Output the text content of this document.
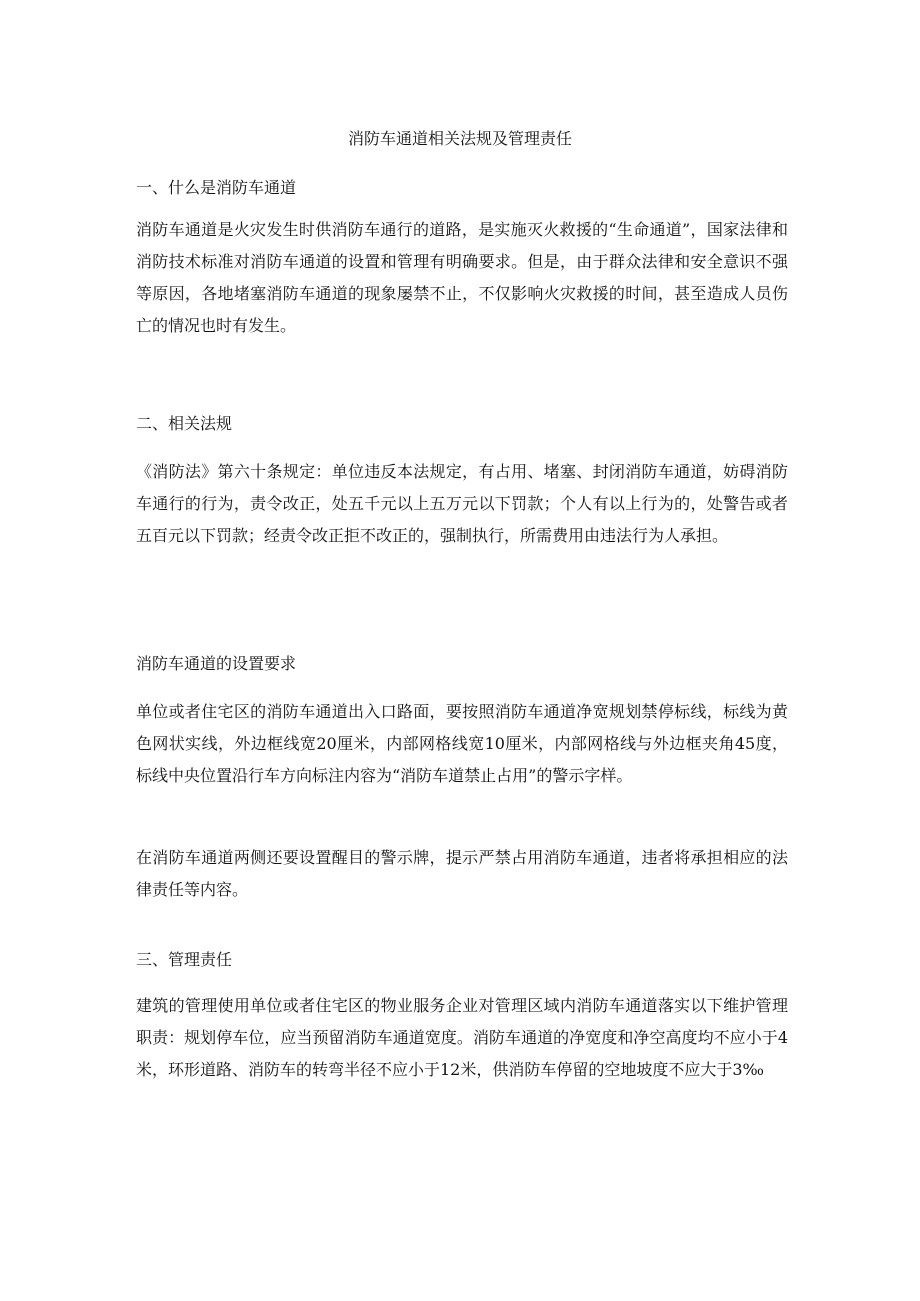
消防车通道相关法规及管理责任
一、什么是消防车通道
消防车通道是火灾发生时供消防车通行的道路，是实施灭火救援的“生命通道”，国家法律和消防技术标准对消防车通道的设置和管理有明确要求。但是，由于群众法律和安全意识不强等原因，各地堵塞消防车通道的现象屡禁不止，不仅影响火灾救援的时间，甚至造成人员伤亡的情况也时有发生。
二、相关法规
《消防法》第六十条规定：单位违反本法规定，有占用、堵塞、封闭消防车通道，妨碍消防车通行的行为，责令改正，处五千元以上五万元以下罚款；个人有以上行为的，处警告或者五百元以下罚款；经责令改正拒不改正的，强制执行，所需费用由违法行为人承担。
消防车通道的设置要求
单位或者住宅区的消防车通道出入口路面，要按照消防车通道净宽规划禁停标线，标线为黄色网状实线，外边框线宽20厘米，内部网格线宽10厘米，内部网格线与外边框夹角45度，标线中央位置沿行车方向标注内容为“消防车道禁止占用”的警示字样。
在消防车通道两侧还要设置醒目的警示牌，提示严禁占用消防车通道，违者将承担相应的法律责任等内容。
三、管理责任
建筑的管理使用单位或者住宅区的物业服务企业对管理区域内消防车通道落实以下维护管理职责：规划停车位，应当预留消防车通道宽度。消防车通道的净宽度和净空高度均不应小于4米，环形道路、消防车的转弯半径不应小于12米，供消防车停留的空地坡度不应大于3‰
